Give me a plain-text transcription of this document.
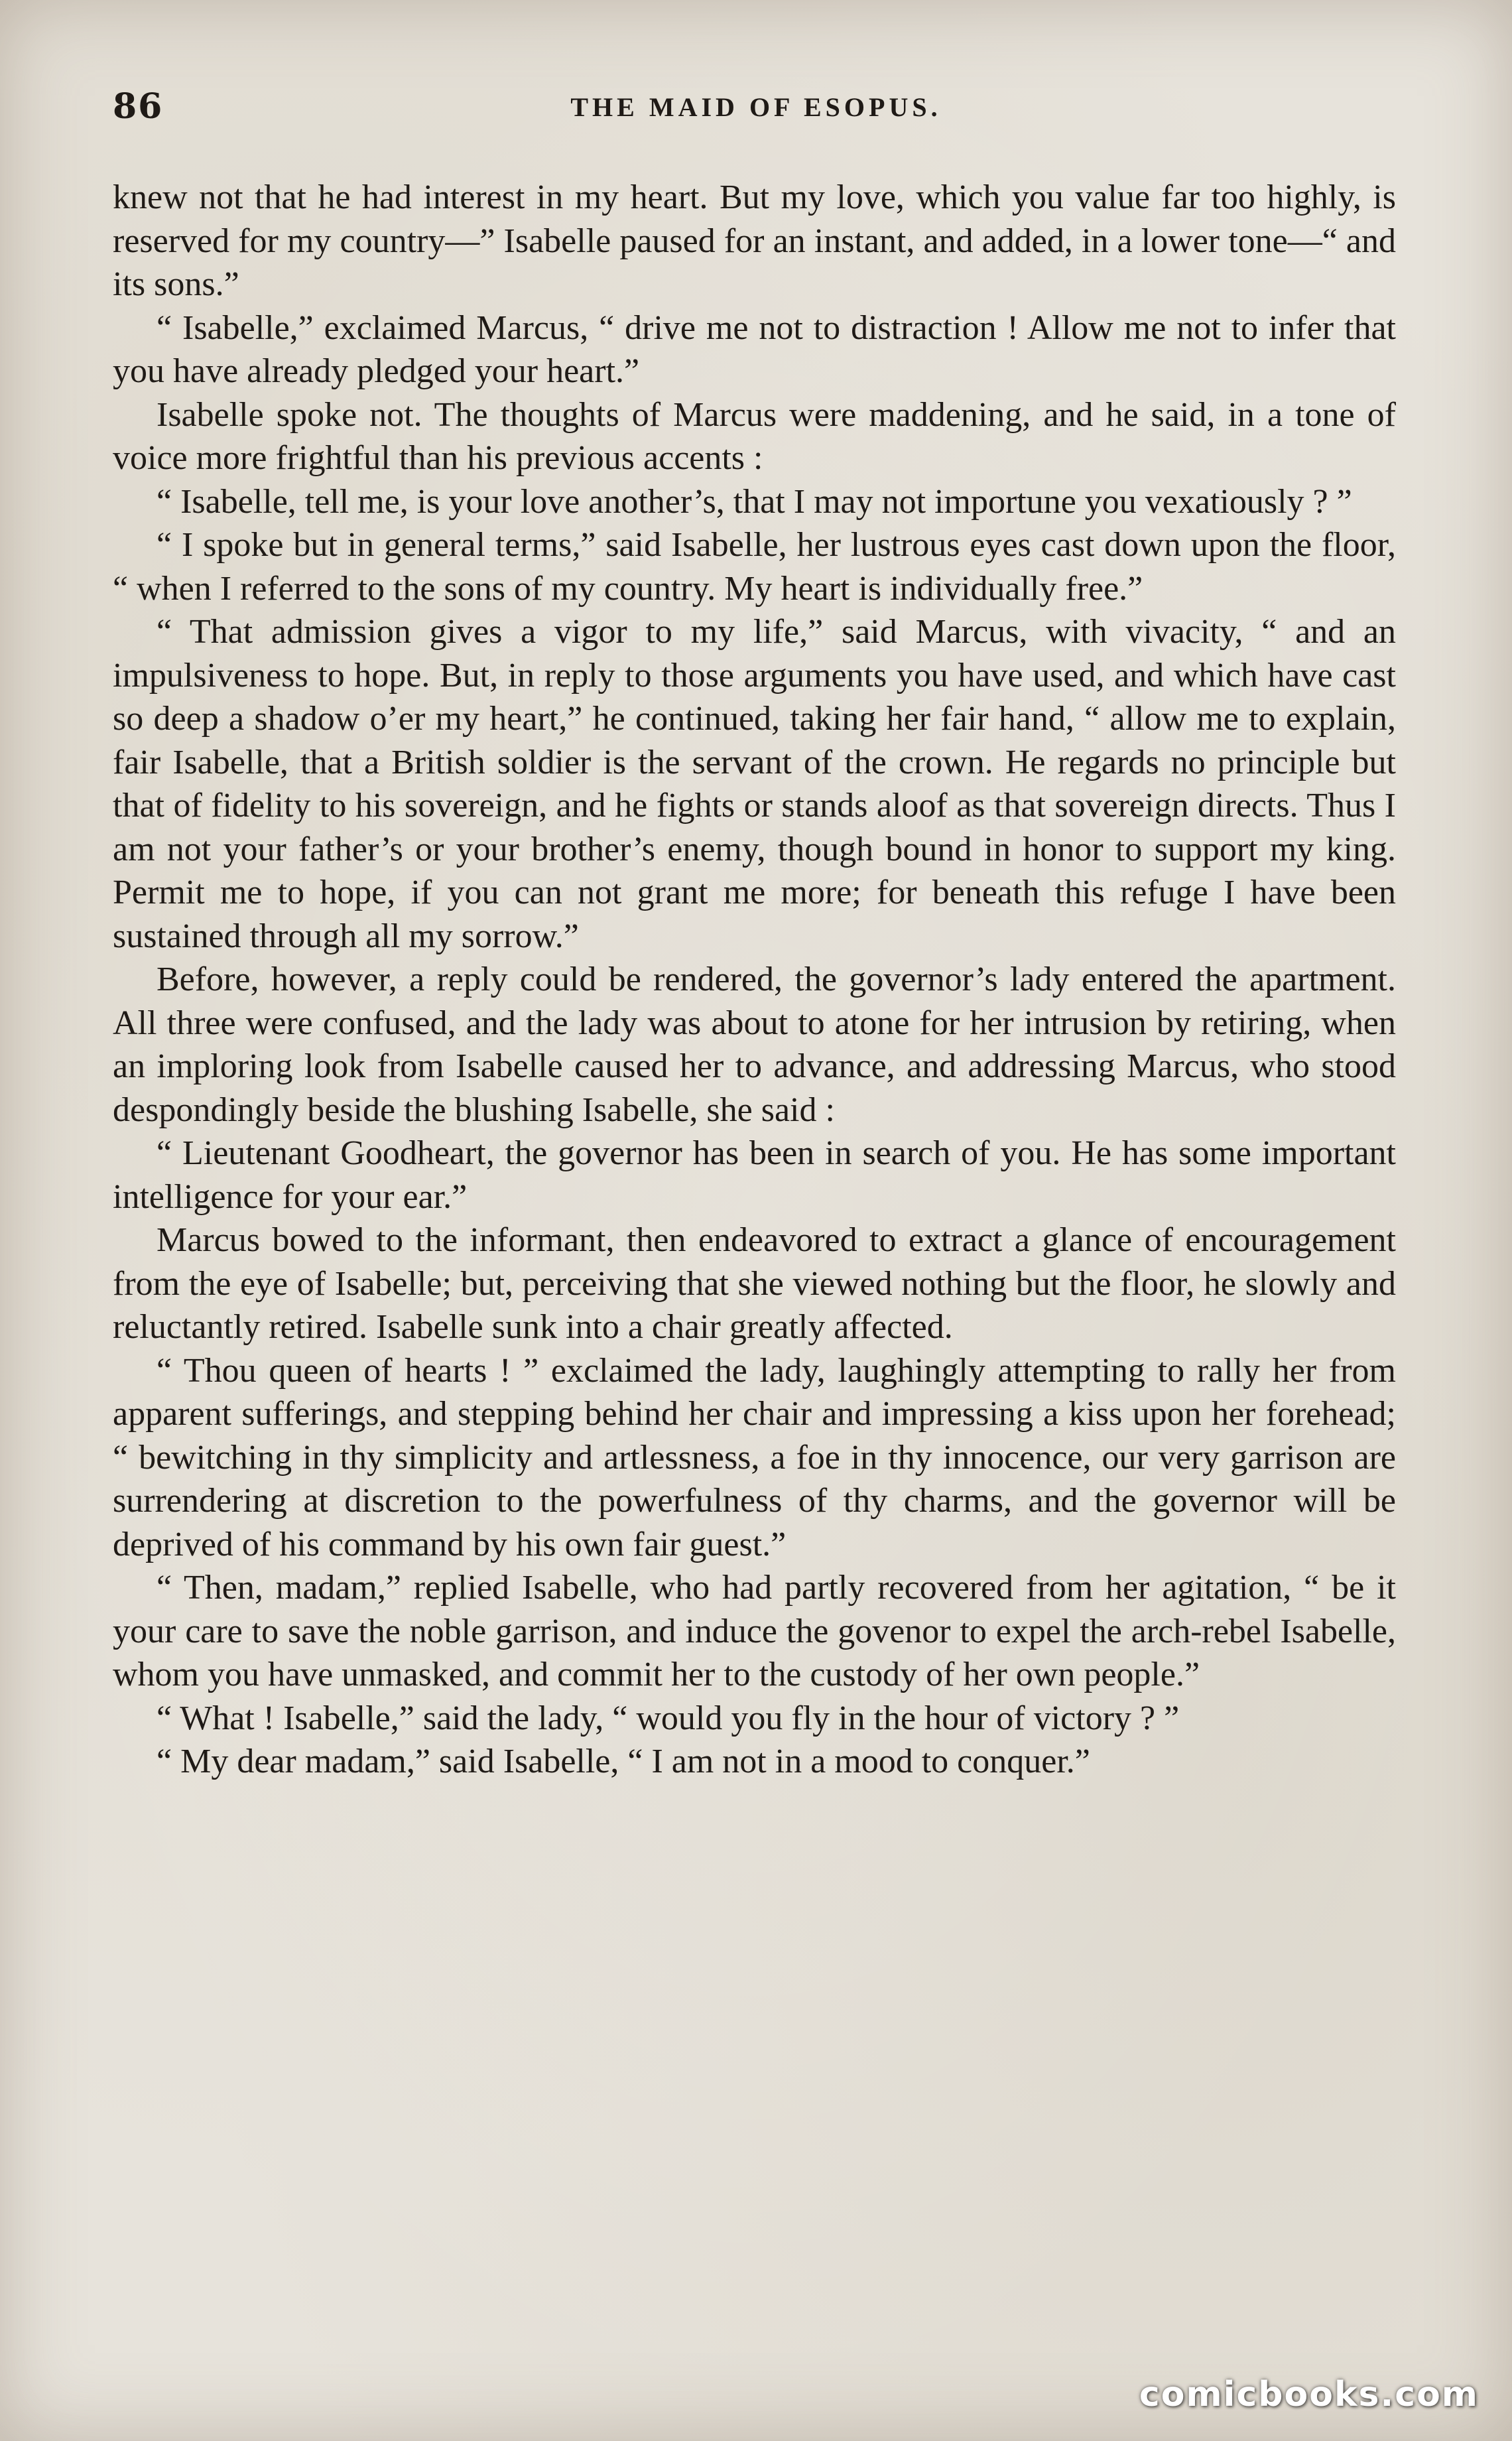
86	THE MAID OF ESOPUS.

knew not that he had interest in my heart. But my love, which you value far too highly, is reserved for my country—” Isabelle paused for an instant, and added, in a lower tone—“ and its sons.”

“ Isabelle,” exclaimed Marcus, “ drive me not to distraction ! Allow me not to infer that you have already pledged your heart.”

Isabelle spoke not. The thoughts of Marcus were maddening, and he said, in a tone of voice more frightful than his previous accents :

“ Isabelle, tell me, is your love another’s, that I may not importune you vexatiously ? ”

“ I spoke but in general terms,” said Isabelle, her lustrous eyes cast down upon the floor, “ when I referred to the sons of my country. My heart is individually free.”

“ That admission gives a vigor to my life,” said Marcus, with vivacity, “ and an impulsiveness to hope. But, in reply to those arguments you have used, and which have cast so deep a shadow o’er my heart,” he continued, taking her fair hand, “ allow me to explain, fair Isabelle, that a British soldier is the servant of the crown. He regards no principle but that of fidelity to his sovereign, and he fights or stands aloof as that sovereign directs. Thus I am not your father’s or your brother’s enemy, though bound in honor to support my king. Permit me to hope, if you can not grant me more; for beneath this refuge I have been sustained through all my sorrow.”

Before, however, a reply could be rendered, the governor’s lady entered the apartment. All three were confused, and the lady was about to atone for her intrusion by retiring, when an imploring look from Isabelle caused her to advance, and addressing Marcus, who stood despondingly beside the blushing Isabelle, she said :

“ Lieutenant Goodheart, the governor has been in search of you. He has some important intelligence for your ear.”

Marcus bowed to the informant, then endeavored to extract a glance of encouragement from the eye of Isabelle; but, perceiving that she viewed nothing but the floor, he slowly and reluctantly retired. Isabelle sunk into a chair greatly affected.

“ Thou queen of hearts ! ” exclaimed the lady, laughingly attempting to rally her from apparent sufferings, and stepping behind her chair and impressing a kiss upon her forehead; “ bewitching in thy simplicity and artlessness, a foe in thy innocence, our very garrison are surrendering at discretion to the powerfulness of thy charms, and the governor will be deprived of his command by his own fair guest.”

“ Then, madam,” replied Isabelle, who had partly recovered from her agitation, “ be it your care to save the noble garrison, and induce the govenor to expel the arch-rebel Isabelle, whom you have unmasked, and commit her to the custody of her own people.”

“ What ! Isabelle,” said the lady, “ would you fly in the hour of victory ? ”

“ My dear madam,” said Isabelle, “ I am not in a mood to conquer.”

comicbooks.com
